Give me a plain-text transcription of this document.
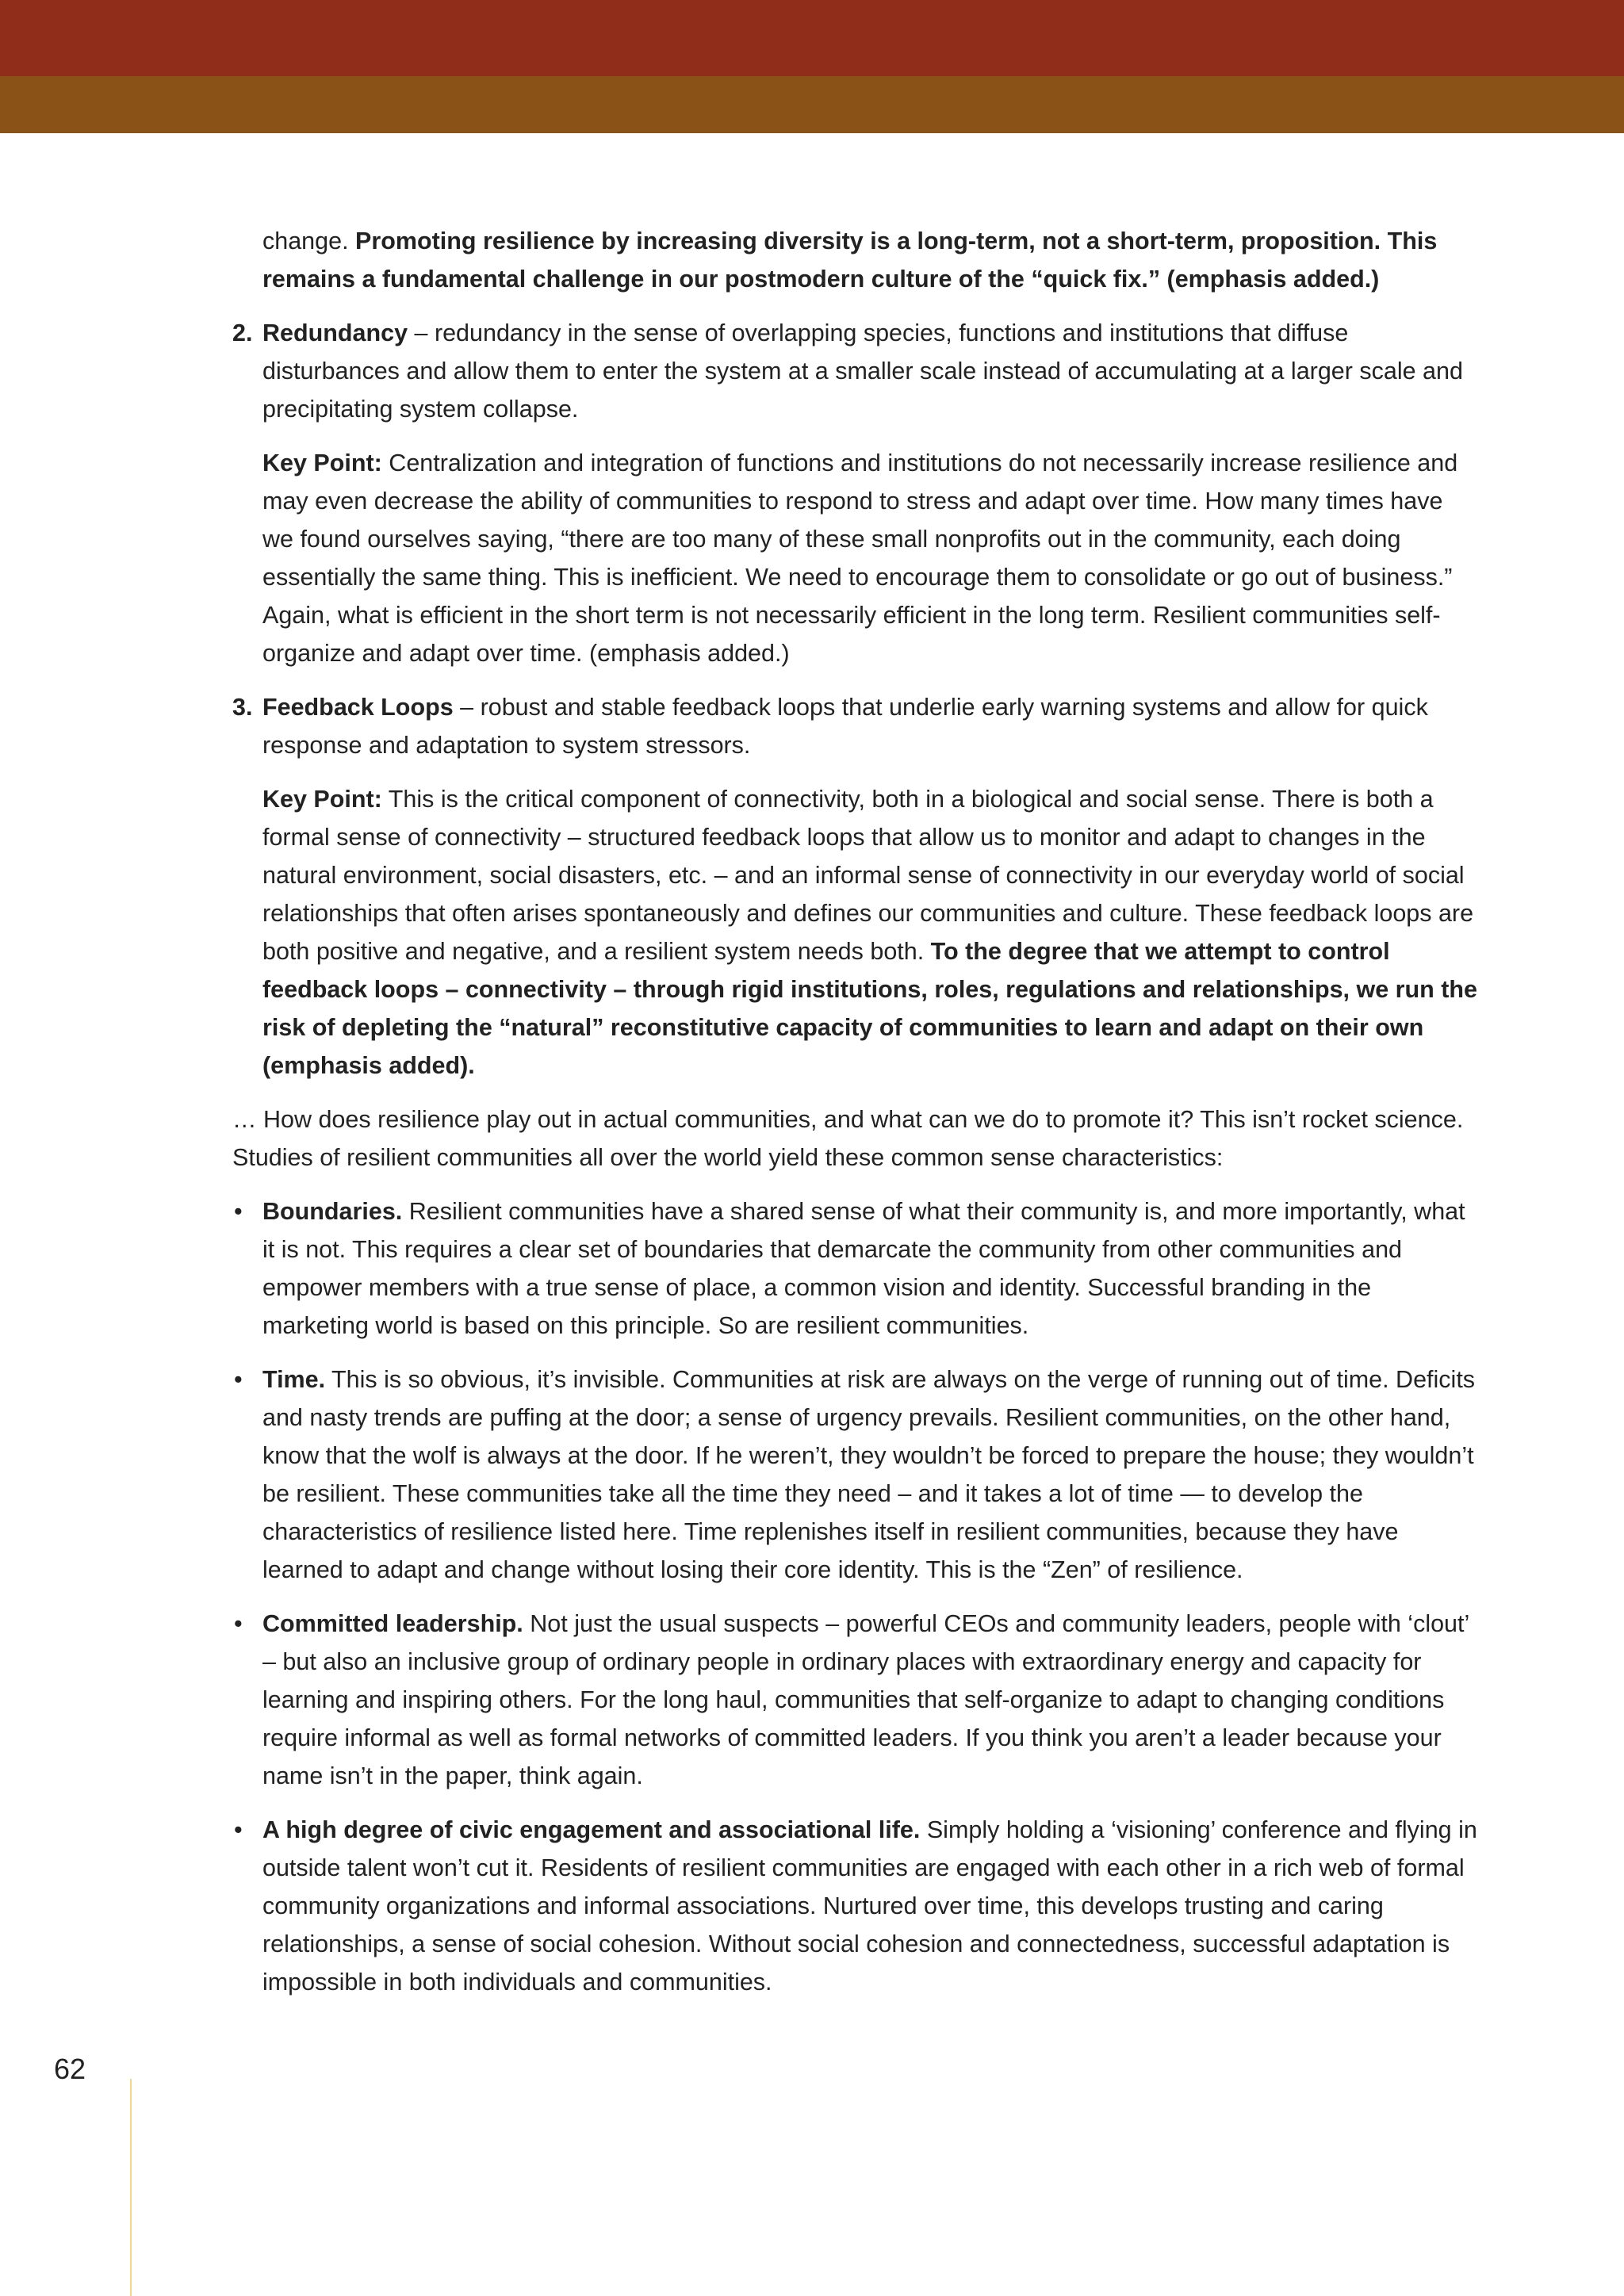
change. Promoting resilience by increasing diversity is a long-term, not a short-term, proposition. This remains a fundamental challenge in our postmodern culture of the “quick fix.” (emphasis added.)

2. Redundancy – redundancy in the sense of overlapping species, functions and institutions that diffuse disturbances and allow them to enter the system at a smaller scale instead of accumulating at a larger scale and precipitating system collapse.

Key Point: Centralization and integration of functions and institutions do not necessarily increase resilience and may even decrease the ability of communities to respond to stress and adapt over time. How many times have we found ourselves saying, “there are too many of these small nonprofits out in the community, each doing essentially the same thing. This is inefficient. We need to encourage them to consolidate or go out of business.” Again, what is efficient in the short term is not necessarily efficient in the long term. Resilient communities self-organize and adapt over time. (emphasis added.)

3. Feedback Loops – robust and stable feedback loops that underlie early warning systems and allow for quick response and adaptation to system stressors.

Key Point: This is the critical component of connectivity, both in a biological and social sense. There is both a formal sense of connectivity – structured feedback loops that allow us to monitor and adapt to changes in the natural environment, social disasters, etc. – and an informal sense of connectivity in our everyday world of social relationships that often arises spontaneously and defines our communities and culture. These feedback loops are both positive and negative, and a resilient system needs both. To the degree that we attempt to control feedback loops – connectivity – through rigid institutions, roles, regulations and relationships, we run the risk of depleting the “natural” reconstitutive capacity of communities to learn and adapt on their own (emphasis added).

… How does resilience play out in actual communities, and what can we do to promote it? This isn’t rocket science. Studies of resilient communities all over the world yield these common sense characteristics:

• Boundaries. Resilient communities have a shared sense of what their community is, and more importantly, what it is not. This requires a clear set of boundaries that demarcate the community from other communities and empower members with a true sense of place, a common vision and identity. Successful branding in the marketing world is based on this principle. So are resilient communities.

• Time. This is so obvious, it’s invisible. Communities at risk are always on the verge of running out of time. Deficits and nasty trends are puffing at the door; a sense of urgency prevails. Resilient communities, on the other hand, know that the wolf is always at the door. If he weren’t, they wouldn’t be forced to prepare the house; they wouldn’t be resilient. These communities take all the time they need – and it takes a lot of time — to develop the characteristics of resilience listed here. Time replenishes itself in resilient communities, because they have learned to adapt and change without losing their core identity. This is the “Zen” of resilience.

• Committed leadership. Not just the usual suspects – powerful CEOs and community leaders, people with ‘clout’ – but also an inclusive group of ordinary people in ordinary places with extraordinary energy and capacity for learning and inspiring others. For the long haul, communities that self-organize to adapt to changing conditions require informal as well as formal networks of committed leaders. If you think you aren’t a leader because your name isn’t in the paper, think again.

• A high degree of civic engagement and associational life. Simply holding a ‘visioning’ conference and flying in outside talent won’t cut it. Residents of resilient communities are engaged with each other in a rich web of formal community organizations and informal associations. Nurtured over time, this develops trusting and caring relationships, a sense of social cohesion. Without social cohesion and connectedness, successful adaptation is impossible in both individuals and communities.

62
